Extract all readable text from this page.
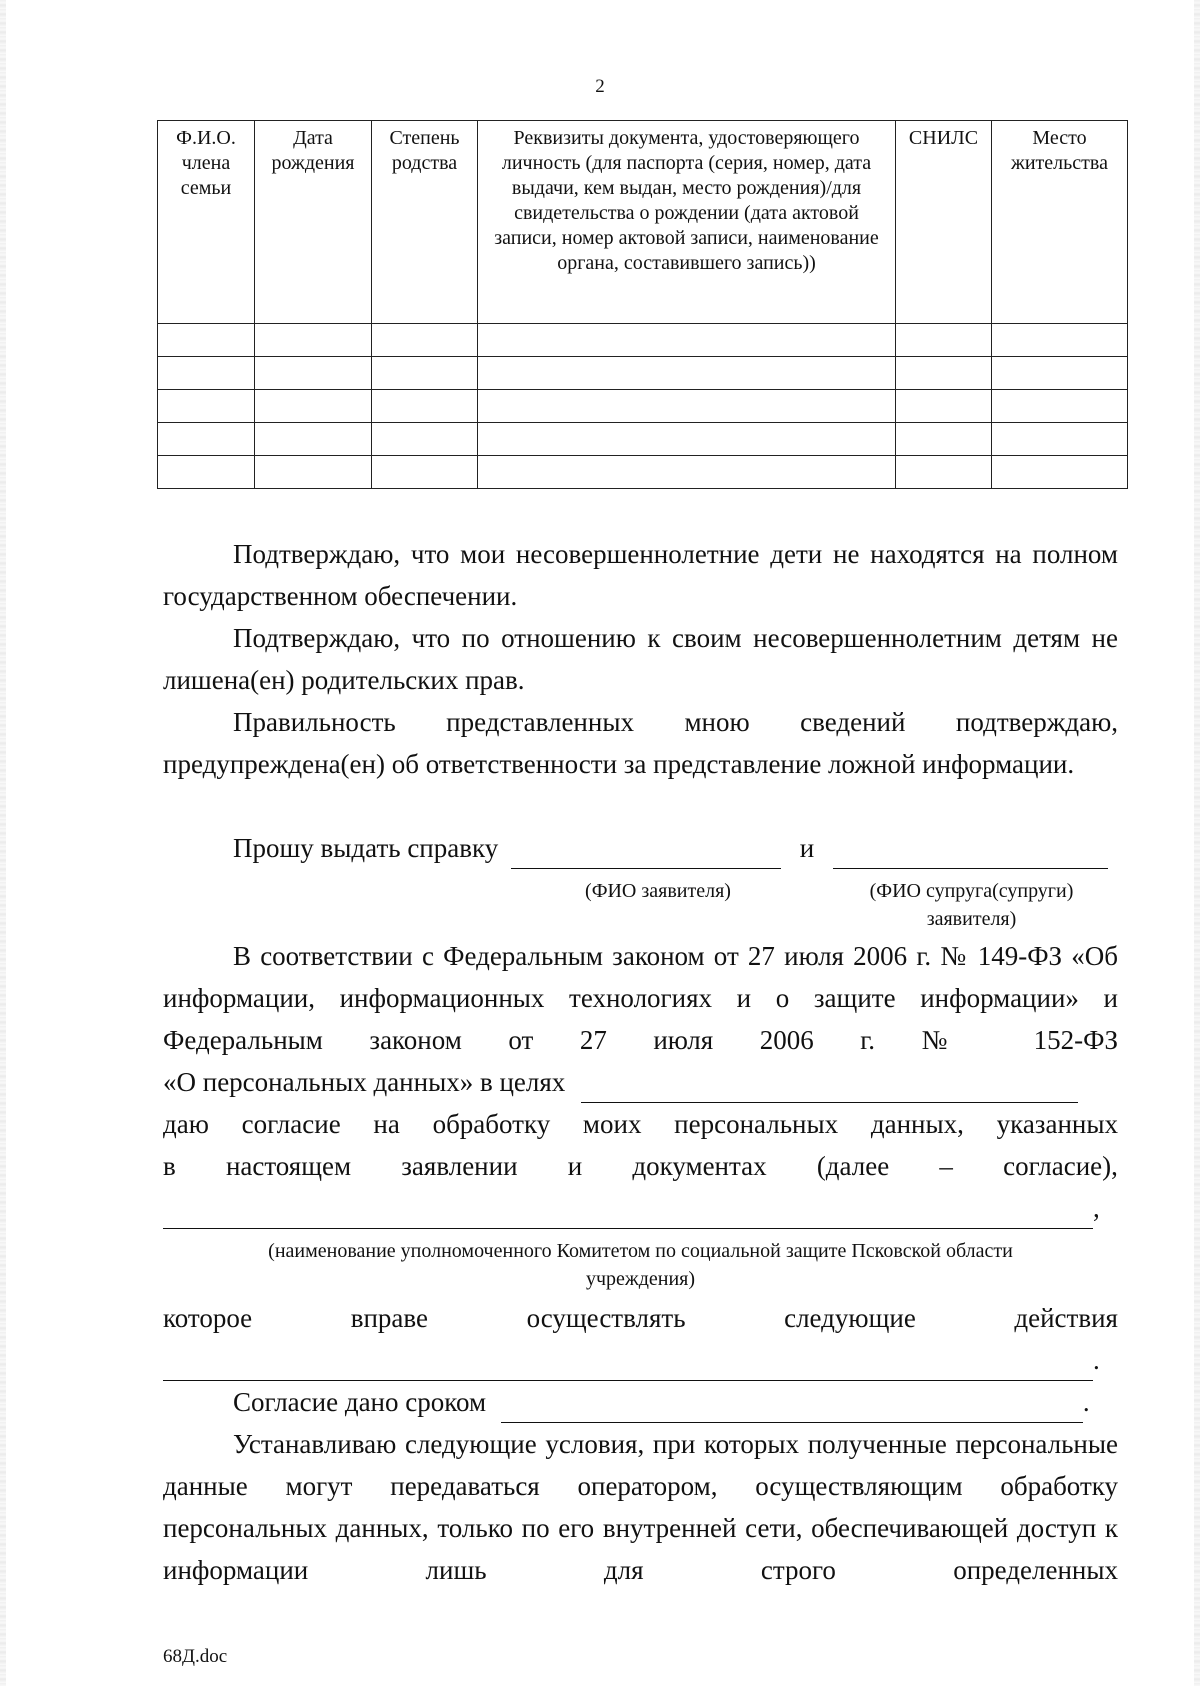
2
Ф.И.О. члена семьи	Дата рождения	Степень родства	Реквизиты документа, удостоверяющего личность (для паспорта (серия, номер, дата выдачи, кем выдан, место рождения)/для свидетельства о рождении (дата актовой записи, номер актовой записи, наименование органа, составившего запись))	СНИЛС	Место жительства

Подтверждаю, что мои несовершеннолетние дети не находятся на полном государственном обеспечении.
Подтверждаю, что по отношению к своим несовершеннолетним детям не лишена(ен) родительских прав.
Правильность представленных мною сведений подтверждаю, предупреждена(ен) об ответственности за представление ложной информации.
Прошу выдать справку	и
(ФИО заявителя)	(ФИО супруга(супруги)
заявителя)
В соответствии с Федеральным законом от 27 июля 2006 г. № 149-ФЗ «Об информации, информационных технологиях и о защите информации» и Федеральным законом от 27 июля 2006 г. № 152-ФЗ
«О персональных данных» в целях
даю согласие на обработку моих персональных данных, указанных
в настоящем заявлении и документах (далее – согласие),
,
(наименование уполномоченного Комитетом по социальной защите Псковской области
учреждения)
которое	вправе	осуществлять	следующие	действия
.
Согласие дано сроком	.
Устанавливаю следующие условия, при которых полученные персональные данные могут передаваться оператором, осуществляющим обработку персональных данных, только по его внутренней сети, обеспечивающей доступ к информации лишь для строго определенных
68Д.doc
